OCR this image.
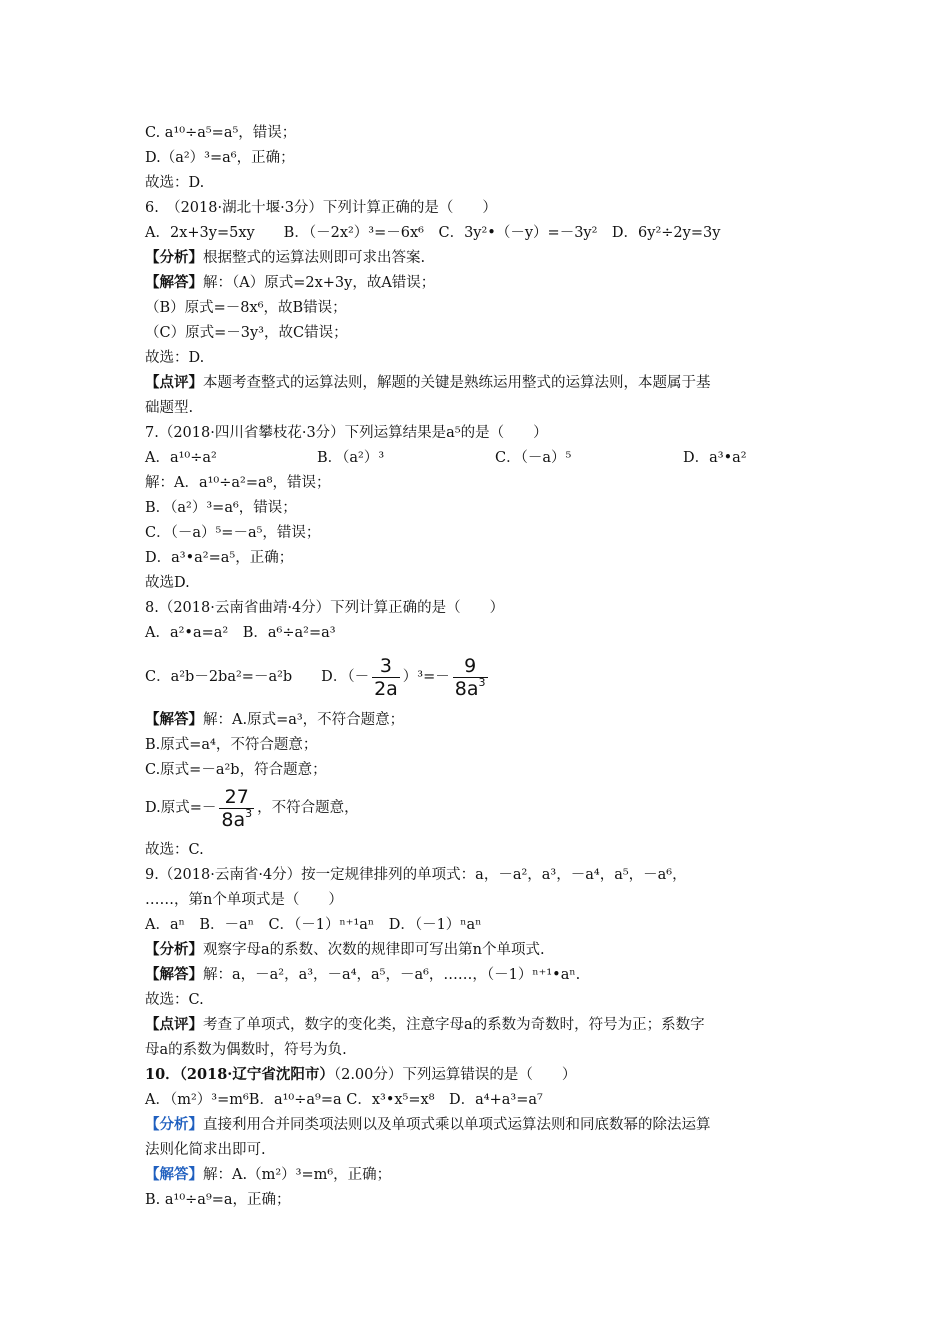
C. a¹⁰÷a⁵=a⁵，错误；
D.（a²）³=a⁶，正确；
故选：D.
6.　（2018·湖北十堰·3分）下列计算正确的是（　　）
A．2x+3y=5xy　　B．（－2x²）³=－6x⁶　C．3y²•（－y）=－3y²　D．6y²÷2y=3y
【分析】根据整式的运算法则即可求出答案.
【解答】解：（A）原式=2x+3y，故A错误；
（B）原式=－8x⁶，故B错误；
（C）原式=－3y³，故C错误；
故选：D.
【点评】本题考查整式的运算法则，解题的关键是熟练运用整式的运算法则，本题属于基
础题型.
7.（2018·四川省攀枝花·3分）下列运算结果是a⁵的是（　　）
A．a¹⁰÷a²	B．（a²）³	C．（－a）⁵	D．a³•a²
解：A．a¹⁰÷a²=a⁸，错误；
B．（a²）³=a⁶，错误；
C．（－a）⁵=－a⁵，错误；
D．a³•a²=a⁵，正确；
故选D.
8.（2018·云南省曲靖·4分）下列计算正确的是（　　）
A．a²•a=a²　B．a⁶÷a²=a³
C．a²b－2ba²=－a²b　　D．（－ $\frac{3}{2a} )^3=- \frac{9}{8a^3}$
【解答】解：A.原式=a³，不符合题意；
B.原式=a⁴，不符合题意；
C.原式=－a²b，符合题意；
D.原式=－ $\frac{27}{8a^3}$ ，不符合题意，
故选：C.
9.（2018·云南省·4分）按一定规律排列的单项式：a，－a²，a³，－a⁴，a⁵，－a⁶，
……，第n个单项式是（　　）
A．aⁿ　B．－aⁿ　C．（－1）ⁿ⁺¹aⁿ　D．（－1）ⁿaⁿ
【分析】观察字母a的系数、次数的规律即可写出第n个单项式.
【解答】解：a，－a²，a³，－a⁴，a⁵，－a⁶，……，（－1）ⁿ⁺¹•aⁿ.
故选：C.
【点评】考查了单项式，数字的变化类，注意字母a的系数为奇数时，符号为正；系数字
母a的系数为偶数时，符号为负.
10．（2018·辽宁省沈阳市）（2.00分）下列运算错误的是（　　）
A．（m²）³=m⁶B．a¹⁰÷a⁹=a C．x³•x⁵=x⁸　D．a⁴+a³=a⁷
【分析】直接利用合并同类项法则以及单项式乘以单项式运算法则和同底数幂的除法运算
法则化简求出即可.
【解答】解：A.（m²）³=m⁶，正确；
B. a¹⁰÷a⁹=a，正确；
